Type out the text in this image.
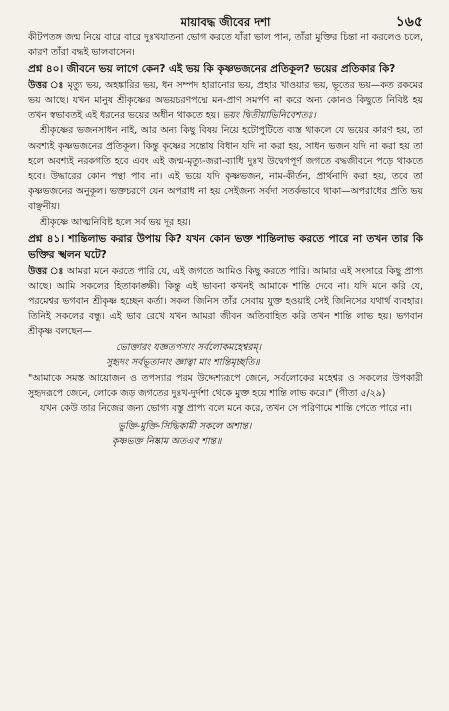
মায়াবদ্ধ জীবের দশা	১৬৫

কীটপতঙ্গ জন্ম নিয়ে বারে বারে দুঃখযাতনা ভোগ করতে যাঁরা ভাল পান, তাঁরা মুক্তির চিন্তা না করলেও চলে, কারণ তাঁরা বদ্ধই ভালবাসেন।

প্রশ্ন ৪০। জীবনে ভয় লাগে কেন? এই ভয় কি কৃষ্ণভজনের প্রতিকূল? ভয়ের প্রতিকার কি?

উত্তর ঃ মৃত্যু ভয়, অহঙ্কারির ভয়, ধন সম্পদ হারানোর ভয়, প্রহার খাওয়ার ভয়, ভূতের ভয়—কত রকমের ভয় আছে। যখন মানুষ শ্রীকৃষ্ণের অভয়চরণপদ্মে মন-প্রাণ সমর্পণ না করে অন্য কোনও কিছুতে নিবিষ্ট হয় তখন স্বভাবতই এই ধরনের ভয়ের অধীন থাকতে হয়। ভয়ং দ্বিতীয়াভিনিবেশতঃ।

শ্রীকৃষ্ণের ভজনসাধন নাই, আর অন্য কিছু বিষয় নিয়ে হটোপুটিতে ব্যস্ত থাকলে যে ভয়ের কারণ হয়, তা অবশ্যই কৃষ্ণভজনের প্রতিকূল। কিন্তু কৃষ্ণের সন্তোষ বিধান যদি না করা হয়, সাধন ভজন যদি না করা হয় তা হলে অবশ্যই নরকগতি হবে এবং এই জন্ম-মৃত্যু-জরা-ব্যাধি দুঃখ উদ্বেগপূর্ণ জগতে বদ্ধজীবনে পড়ে থাকতে হবে। উদ্ধারের কোন পন্থা পাব না। এই ভয়ে যদি কৃষ্ণভজন, নাম-কীর্তন, প্রার্থনাদি করা হয়, তবে তা কৃষ্ণভজনের অনুকূল। ভক্তচরণে যেন অপরাধ না হয় সেইজন্য সর্বদা সতর্কভাবে থাকা—অপরাধের প্রতি ভয় বাঞ্ছনীয়।

শ্রীকৃষ্ণে আত্মনিবিষ্ট হলে সর্ব ভয় দূর হয়।

প্রশ্ন ৪১। শান্তিলাভ করার উপায় কি? যখন কোন ভক্ত শান্তিলাভ করতে পারে না তখন তার কি ভক্তির স্খলন ঘটে?

উত্তর ঃ আমরা মনে করতে পারি যে, এই জগতে আমিও কিছু করতে পারি। আমার এই সংসারে কিছু প্রাপ্য আছে। আমি সকলের হিতাকাঙ্ক্ষী। কিন্তু এই ভাবনা কখনই আমাকে শান্তি দেবে না। যদি মনে করি যে, পরমেশ্বর ভগবান শ্রীকৃষ্ণ হচ্ছেন কর্তা। সকল জিনিস তাঁর সেবায় যুক্ত হওয়াই সেই জিনিসের যথার্থ ব্যবহার। তিনিই সকলের বন্ধু। এই ভাব রেখে যখন আমরা জীবন অতিবাহিত করি তখন শান্তি লাভ হয়। ভগবান শ্রীকৃষ্ণ বলছেন—

ভোক্তারং যজ্ঞতপসাং সর্বলোকমহেশ্বরম্।

সুহৃদং সর্বভূতানাং জ্ঞাত্বা মাং শান্তিমৃচ্ছতি॥

"আমাকে সমস্ত আয়োজন ও তপস্যার পরম উদ্দেশ্যরূপে জেনে, সর্বলোকের মহেশ্বর ও সকলের উপকারী সুহৃদরূপে জেনে, লোকে জড় জগতের দুঃখ-দুর্দশা থেকে মুক্ত হয়ে শান্তি লাভ করে।" (গীতা ৫/২৯)

যখন কেউ তার নিজের জন্য ভোগ্য বস্তু প্রাপ্য বলে মনে করে, তখন সে পরিণামে শান্তি পেতে পারে না।

ভুক্তি-মুক্তি-সিদ্ধিকামী সকলে অশান্ত।

কৃষ্ণভক্ত নিষ্কাম অতএব শান্ত॥
